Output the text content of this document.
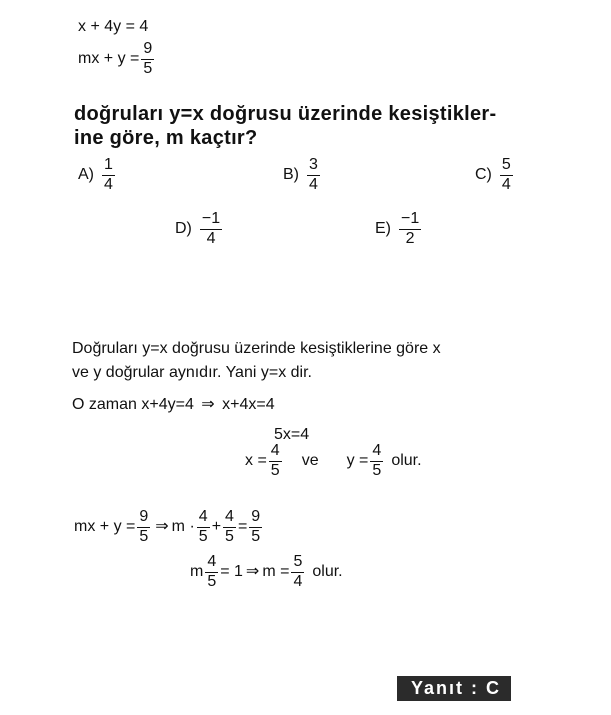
x + 4y = 4
mx + $y = \frac{9}{5}$
doğruları y=x doğrusu üzerinde kesiştikler-
ine göre, m kaçtır?
$A) \frac{1}{4}$	$B) \frac{3}{4}$	$C) \frac{5}{4}$
$D) \frac{-1}{4}$	$E) \frac{-1}{2}$
Doğruları y=x doğrusu üzerinde kesiştiklerine göre x
ve y doğrular aynıdır. Yani y=x dir.
O zaman x+4y=4 ⇒ x+4x=4
5x=4
$x = \frac{4}{5}$ ve $y = \frac{4}{5}$ olur.
mx + $y = \frac{9}{5}$ ⇒ $m \cdot \frac{4}{5} + \frac{4}{5} = \frac{9}{5}$
m $\frac{4}{5} = 1$ ⇒ $m = \frac{5}{4}$ olur.
Yanıt : C
